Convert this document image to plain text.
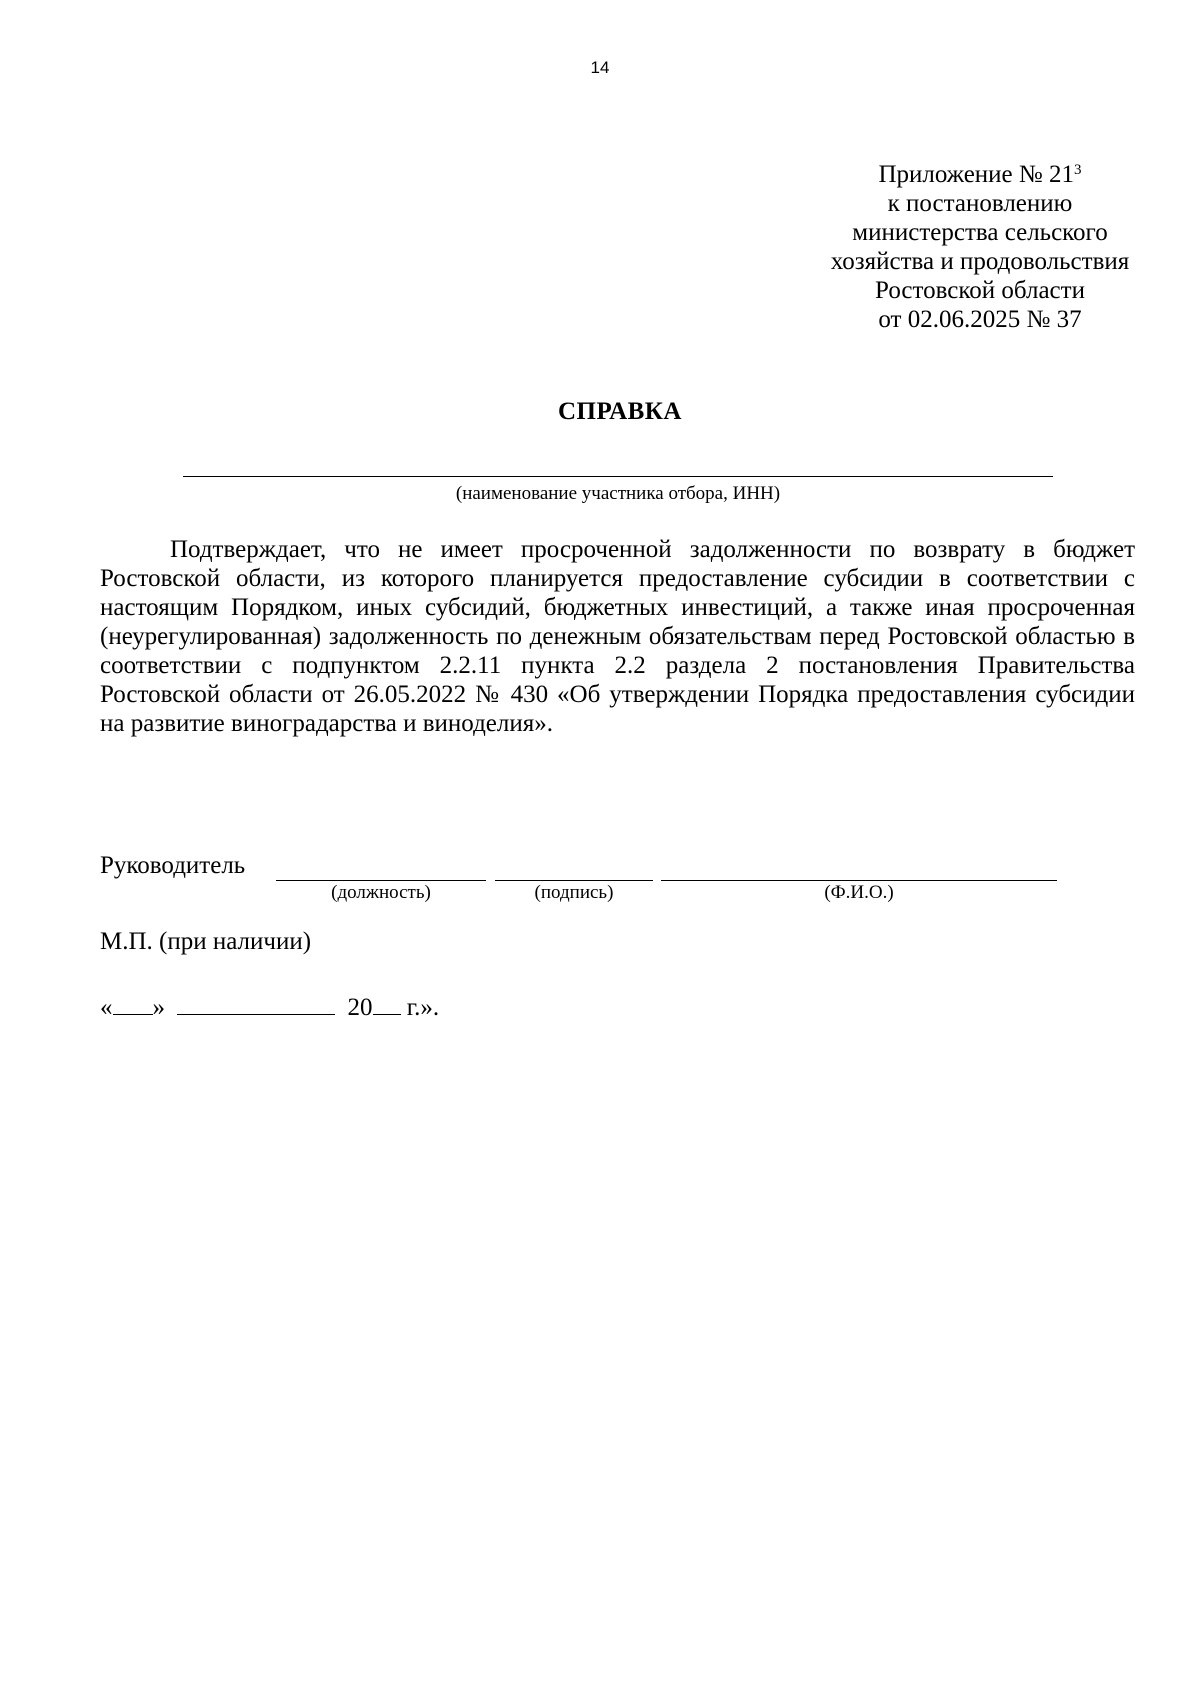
14
Приложение № $21^3$
к постановлению
министерства сельского
хозяйства и продовольствия
Ростовской области
от 02.06.2025 № 37
СПРАВКА
(наименование участника отбора, ИНН)

Подтверждает, что не имеет просроченной задолженности по возврату в бюджет Ростовской области, из которого планируется предоставление субсидии в соответствии с настоящим Порядком, иных субсидий, бюджетных инвестиций, а также иная просроченная (неурегулированная) задолженность по денежным обязательствам перед Ростовской областью в соответствии с подпунктом 2.2.11 пункта 2.2 раздела 2 постановления Правительства Ростовской области от 26.05.2022 № 430 «Об утверждении Порядка предоставления субсидии на развитие виноградарства и виноделия».

Руководитель
(должность)	(подпись)	(Ф.И.О.)
М.П. (при наличии)
« »	20 г.».
